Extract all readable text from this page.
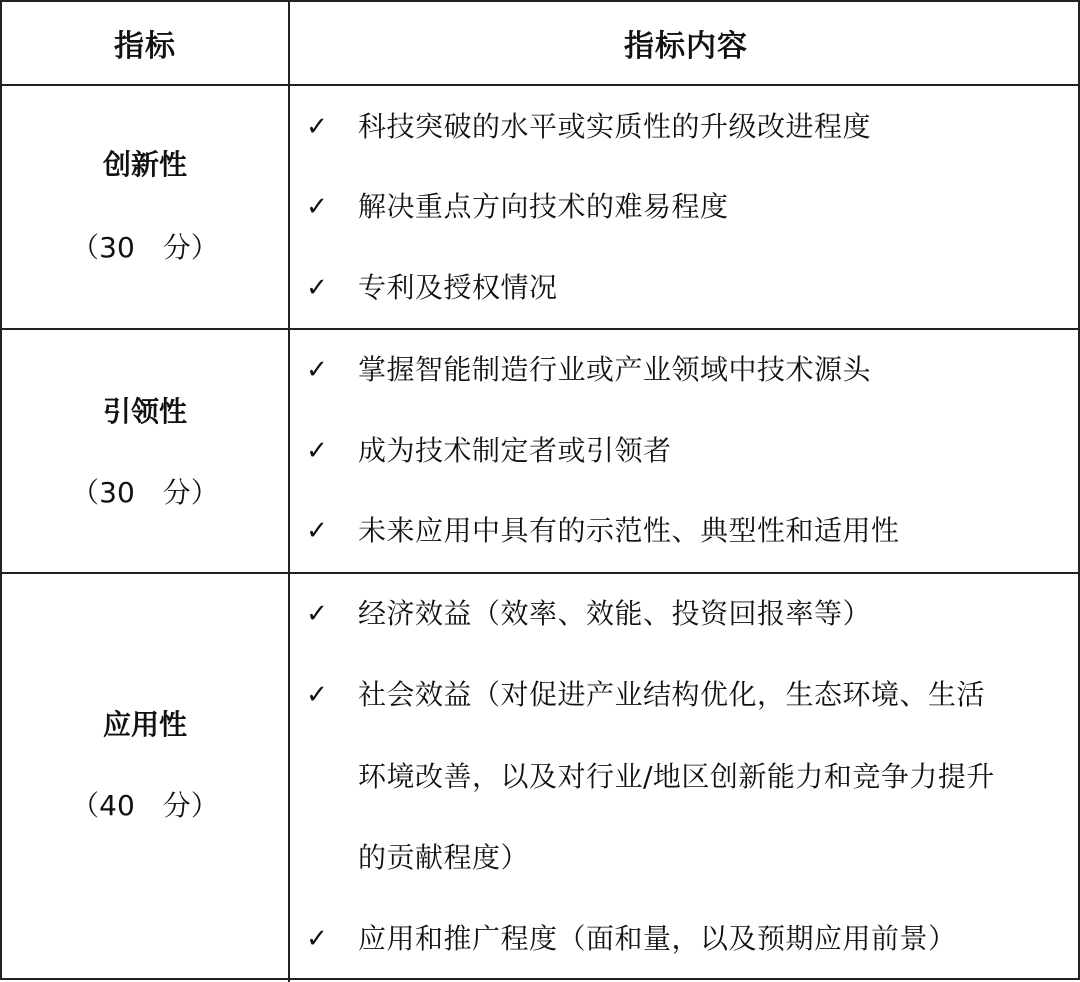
指标	指标内容
创新性
（30　分）
✓ 科技突破的水平或实质性的升级改进程度
✓ 解决重点方向技术的难易程度
✓ 专利及授权情况
引领性
（30　分）
✓ 掌握智能制造行业或产业领域中技术源头
✓ 成为技术制定者或引领者
✓ 未来应用中具有的示范性、典型性和适用性
应用性
（40　分）
✓ 经济效益（效率、效能、投资回报率等）
✓ 社会效益（对促进产业结构优化，生态环境、生活
环境改善，以及对行业/地区创新能力和竞争力提升
的贡献程度）
✓ 应用和推广程度（面和量，以及预期应用前景）
